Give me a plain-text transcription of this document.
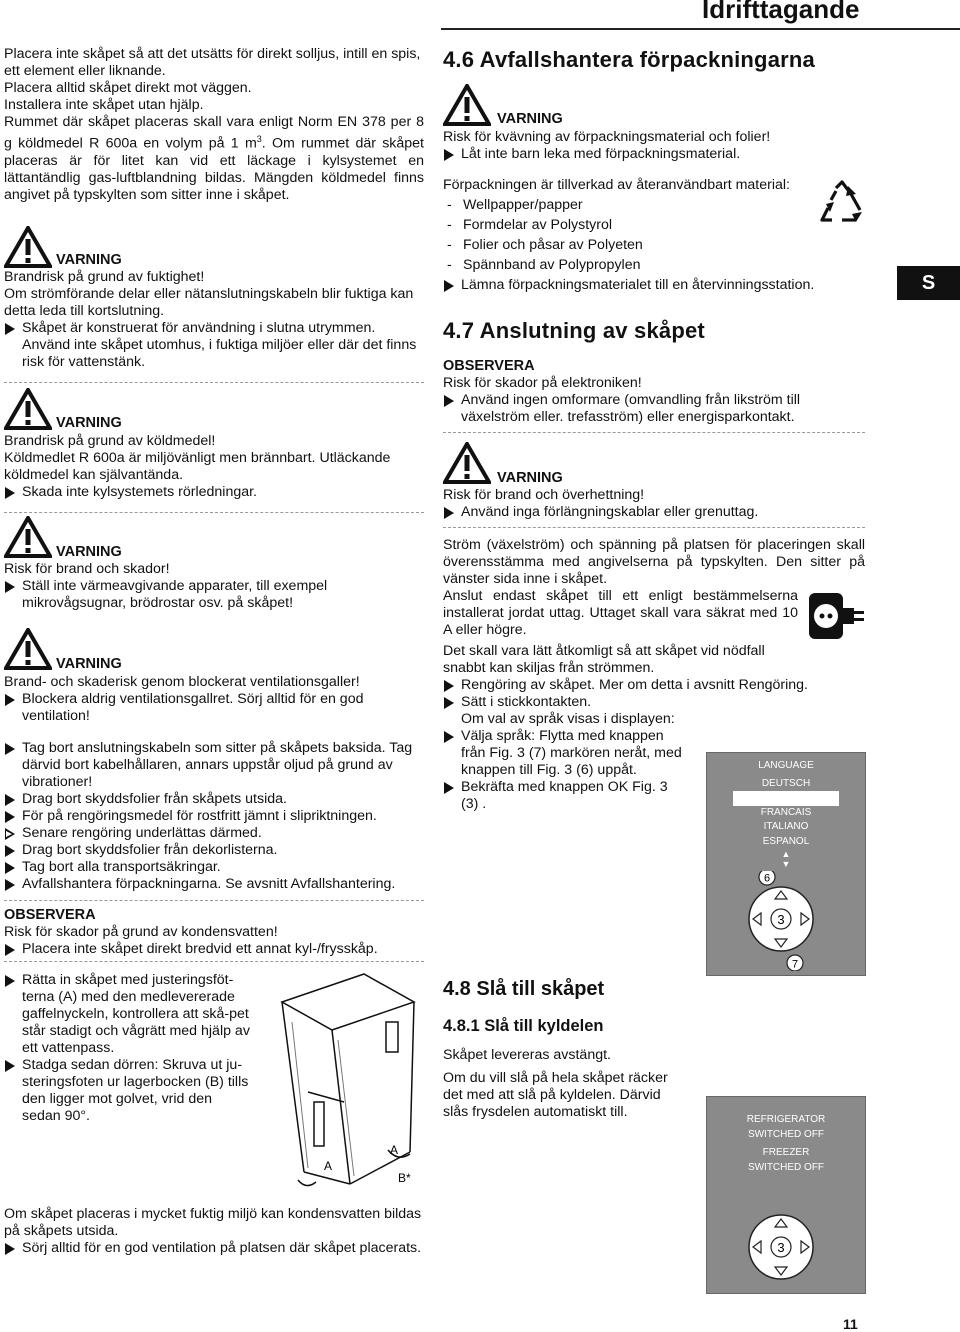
Idrifttagande
S

Placera inte skåpet så att det utsätts för direkt solljus, intill en spis, ett element eller liknande.

Placera alltid skåpet direkt mot väggen.

Installera inte skåpet utan hjälp.

Rummet där skåpet placeras skall vara enligt Norm EN 378 per 8 g köldmedel R 600a en volym på 1 $m^3$. Om rummet där skåpet placeras är för litet kan vid ett läckage i kylsystemet en lättantändlig gas-luftblandning bildas. Mängden köldmedel finns angivet på typskylten som sitter inne i skåpet.

VARNING

Brandrisk på grund av fuktighet!

Om strömförande delar eller nätanslutningskabeln blir fuktiga kan detta leda till kortslutning.

Skåpet är konstruerat för användning i slutna utrymmen. Använd inte skåpet utomhus, i fuktiga miljöer eller där det finns risk för vattenstänk.

VARNING

Brandrisk på grund av köldmedel!

Köldmedlet R 600a är miljövänligt men brännbart. Utläckande köldmedel kan självantända.

Skada inte kylsystemets rörledningar.

VARNING

Risk för brand och skador!

Ställ inte värmeavgivande apparater, till exempel mikrovågsugnar, brödrostar osv. på skåpet!

VARNING

Brand- och skaderisk genom blockerat ventilationsgaller!

Blockera aldrig ventilationsgallret. Sörj alltid för en god ventilation!

Tag bort anslutningskabeln som sitter på skåpets baksida. Tag därvid bort kabelhållaren, annars uppstår oljud på grund av vibrationer!

Drag bort skyddsfolier från skåpets utsida.

För på rengöringsmedel för rostfritt jämnt i slipriktningen.

Senare rengöring underlättas därmed.

Drag bort skyddsfolier från dekorlisterna.

Tag bort alla transportsäkringar.

Avfallshantera förpackningarna. Se avsnitt Avfallshantering.

OBSERVERA

Risk för skador på grund av kondensvatten!

Placera inte skåpet direkt bredvid ett annat kyl-/frysskåp.

Rätta in skåpet med justeringsföt-terna (A) med den medlevererade gaffelnyckeln, kontrollera att skå-pet står stadigt och vågrätt med hjälp av ett vattenpass.

Stadga sedan dörren: Skruva ut ju-steringsfoten ur lagerbocken (B) tills den ligger mot golvet, vrid den sedan 90°.

A
A
B*

Om skåpet placeras i mycket fuktig miljö kan kondensvatten bildas på skåpets utsida.

Sörj alltid för en god ventilation på platsen där skåpet placerats.

4.6 Avfallshantera förpackningarna
VARNING

Risk för kvävning av förpackningsmaterial och folier!

Låt inte barn leka med förpackningsmaterial.

Förpackningen är tillverkad av återanvändbart material:

- Wellpapper/papper

- Formdelar av Polystyrol

- Folier och påsar av Polyeten

- Spännband av Polypropylen

Lämna förpackningsmaterialet till en återvinningsstation.

4.7 Anslutning av skåpet

OBSERVERA

Risk för skador på elektroniken!

Använd ingen omformare (omvandling från likström till växelström eller. trefasström) eller energisparkontakt.

VARNING

Risk för brand och överhettning!

Använd inga förlängningskablar eller grenuttag.

Ström (växelström) och spänning på platsen för placeringen skall överensstämma med angivelserna på typskylten. Den sitter på vänster sida inne i skåpet.

Anslut endast skåpet till ett enligt bestämmelserna installerat jordat uttag. Uttaget skall vara säkrat med 10 A eller högre.

Det skall vara lätt åtkomligt så att skåpet vid nödfall snabbt kan skiljas från strömmen.

Rengöring av skåpet. Mer om detta i avsnitt Rengöring.

Sätt i stickkontakten.

Om val av språk visas i displayen:

Välja språk: Flytta med knappen från Fig. 3 (7) markören neråt, med knappen till Fig. 3 (6) uppåt.

Bekräfta med knappen OK Fig. 3 (3) .

LANGUAGE
DEUTSCH
ENGLISH
FRANCAIS
ITALIANO
ESPANOL
▲
▼
3
6
7
4.8 Slå till skåpet
4.8.1 Slå till kyldelen

Skåpet levereras avstängt.

Om du vill slå på hela skåpet räcker det med att slå på kyldelen. Därvid slås frysdelen automatiskt till.	REFRIGERATOR
SWITCHED OFF
FREEZER
SWITCHED OFF
3
11
